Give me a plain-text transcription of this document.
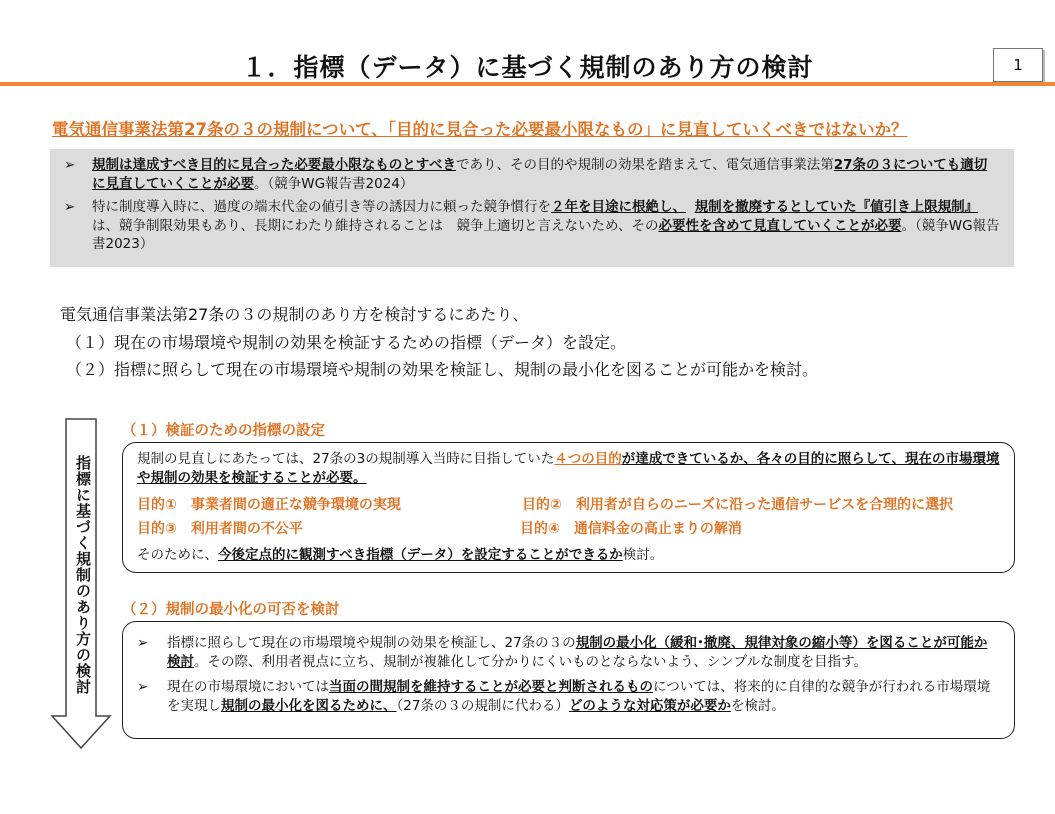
１．指標（データ）に基づく規制のあり方の検討	1
電気通信事業法第27条の３の規制について、「目的に見合った必要最小限なもの」に見直していくべきではないか？
➢ 規制は達成すべき目的に見合った必要最小限なものとすべきであり、その目的や規制の効果を踏まえて、電気通信事業法第27条の３についても適切に見直していくことが必要。（競争WG報告書2024）
➢ 特に制度導入時に、過度の端末代金の値引き等の誘因力に頼った競争慣行を２年を目途に根絶し、 規制を撤廃するとしていた『値引き上限規制』は、競争制限効果もあり、長期にわたり維持されることは　競争上適切と言えないため、その必要性を含めて見直していくことが必要。（競争WG報告書2023）
電気通信事業法第27条の３の規制のあり方を検討するにあたり、
（１）現在の市場環境や規制の効果を検証するための指標（データ）を設定。
（２）指標に照らして現在の市場環境や規制の効果を検証し、規制の最小化を図ることが可能かを検討。
指標に基づく規制のあり方の検討
（１）検証のための指標の設定
規制の見直しにあたっては、27条の3の規制導入当時に目指していた４つの目的が達成できているか、各々の目的に照らして、現在の市場環境や規制の効果を検証することが必要。
目的①　事業者間の適正な競争環境の実現	目的②　利用者が自らのニーズに沿った通信サービスを合理的に選択
目的③　利用者間の不公平	目的④　通信料金の高止まりの解消
そのために、今後定点的に観測すべき指標（データ）を設定することができるか検討。
（２）規制の最小化の可否を検討
➢ 指標に照らして現在の市場環境や規制の効果を検証し、27条の３の規制の最小化（緩和･撤廃、規律対象の縮小等）を図ることが可能か検討。その際、利用者視点に立ち、規制が複雑化して分かりにくいものとならないよう、シンプルな制度を目指す。
➢ 現在の市場環境においては当面の間規制を維持することが必要と判断されるものについては、将来的に自律的な競争が行われる市場環境を実現し規制の最小化を図るために、（27条の３の規制に代わる）どのような対応策が必要かを検討。
